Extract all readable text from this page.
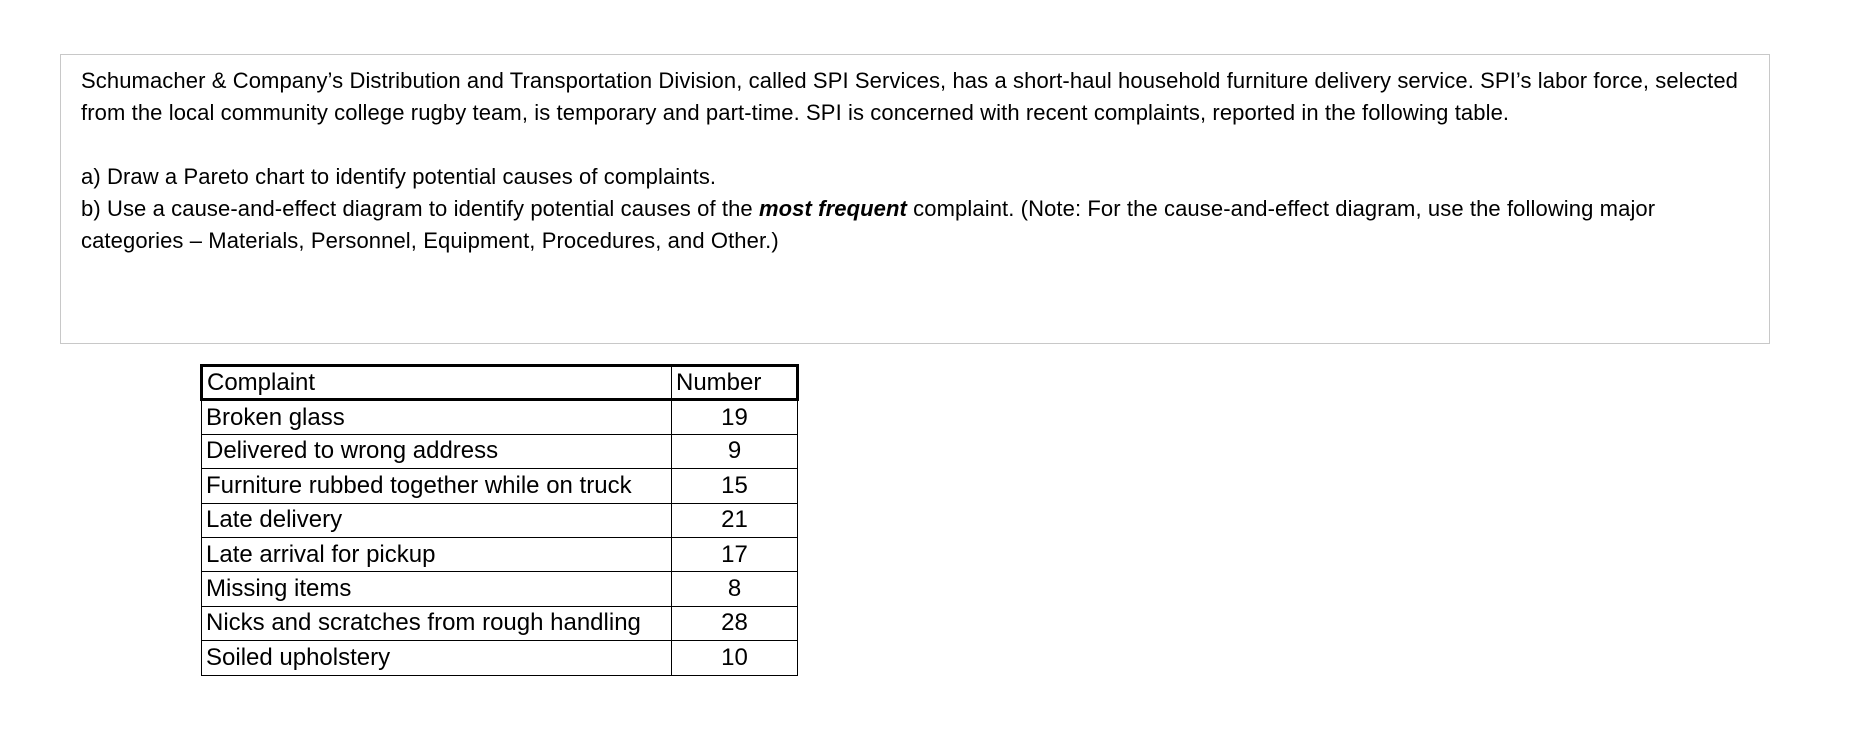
Schumacher & Company’s Distribution and Transportation Division, called SPI Services, has a short-haul household furniture delivery service. SPI’s labor force, selected from the local community college rugby team, is temporary and part-time. SPI is concerned with recent complaints, reported in the following table.

a) Draw a Pareto chart to identify potential causes of complaints.

b) Use a cause-and-effect diagram to identify potential causes of the most frequent complaint. (Note: For the cause-and-effect diagram, use the following major categories – Materials, Personnel, Equipment, Procedures, and Other.)

Complaint	Number
Broken glass	19
Delivered to wrong address	9
Furniture rubbed together while on truck	15
Late delivery	21
Late arrival for pickup	17
Missing items	8
Nicks and scratches from rough handling	28
Soiled upholstery	10
